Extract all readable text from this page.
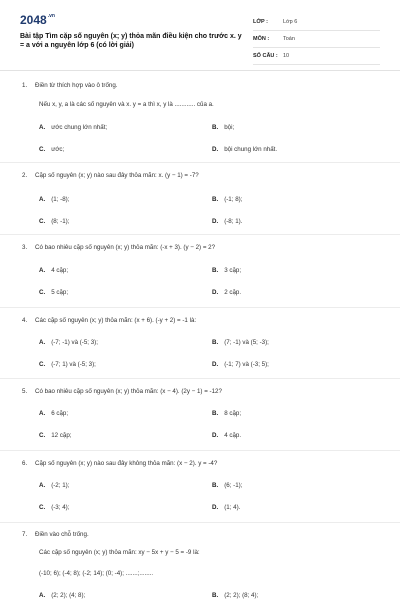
$2048^{.vn}$
Bài tập Tìm cặp số nguyên (x; y) thỏa mãn điều kiện cho trước x. y = a với a nguyên lớp 6 (có lời giải)
LỚP :	Lớp 6
MÔN :	Toán
SỐ CÂU : 10
1. Điền từ thích hợp vào ô trống.
Nếu x, y, a là các số nguyên và x. y = a thì x, y là ............ của a.
A. ước chung lớn nhất;	B. bội;
C. ước;	D. bội chung lớn nhất.
2. Cặp số nguyên (x; y) nào sau đây thỏa mãn: x. (y − 1) = -7?
A. (1; -8);	B. (-1; 8);
C. (8; -1);	D. (-8; 1).
3. Có bao nhiêu cặp số nguyên (x; y) thỏa mãn: (-x + 3). (y − 2) = 2?
A. 4 cặp;	B. 3 cặp;
C. 5 cặp;	D. 2 cặp.
4. Các cặp số nguyên (x; y) thỏa mãn: (x + 6). (-y + 2) = -1 là:
A. (-7; -1) và (-5; 3);	B. (7; -1) và (5; -3);
C. (-7; 1) và (-5; 3);	D. (-1; 7) và (-3; 5);
5. Có bao nhiêu cặp số nguyên (x; y) thỏa mãn: (x − 4). (2y − 1) = -12?
A. 6 cặp;	B. 8 cặp;
C. 12 cặp;	D. 4 cặp.
6. Cặp số nguyên (x; y) nào sau đây không thỏa mãn: (x − 2). y = -4?
A. (-2; 1);	B. (6; -1);
C. (-3; 4);	D. (1; 4).
7. Điền vào chỗ trống.
Các cặp số nguyên (x; y) thỏa mãn: xy − 5x + y − 5 = -9 là:
(-10; 6); (-4; 8); (-2; 14); (0; -4); .......;........
A. (2; 2); (4; 8);	B. (2; 2); (8; 4);
